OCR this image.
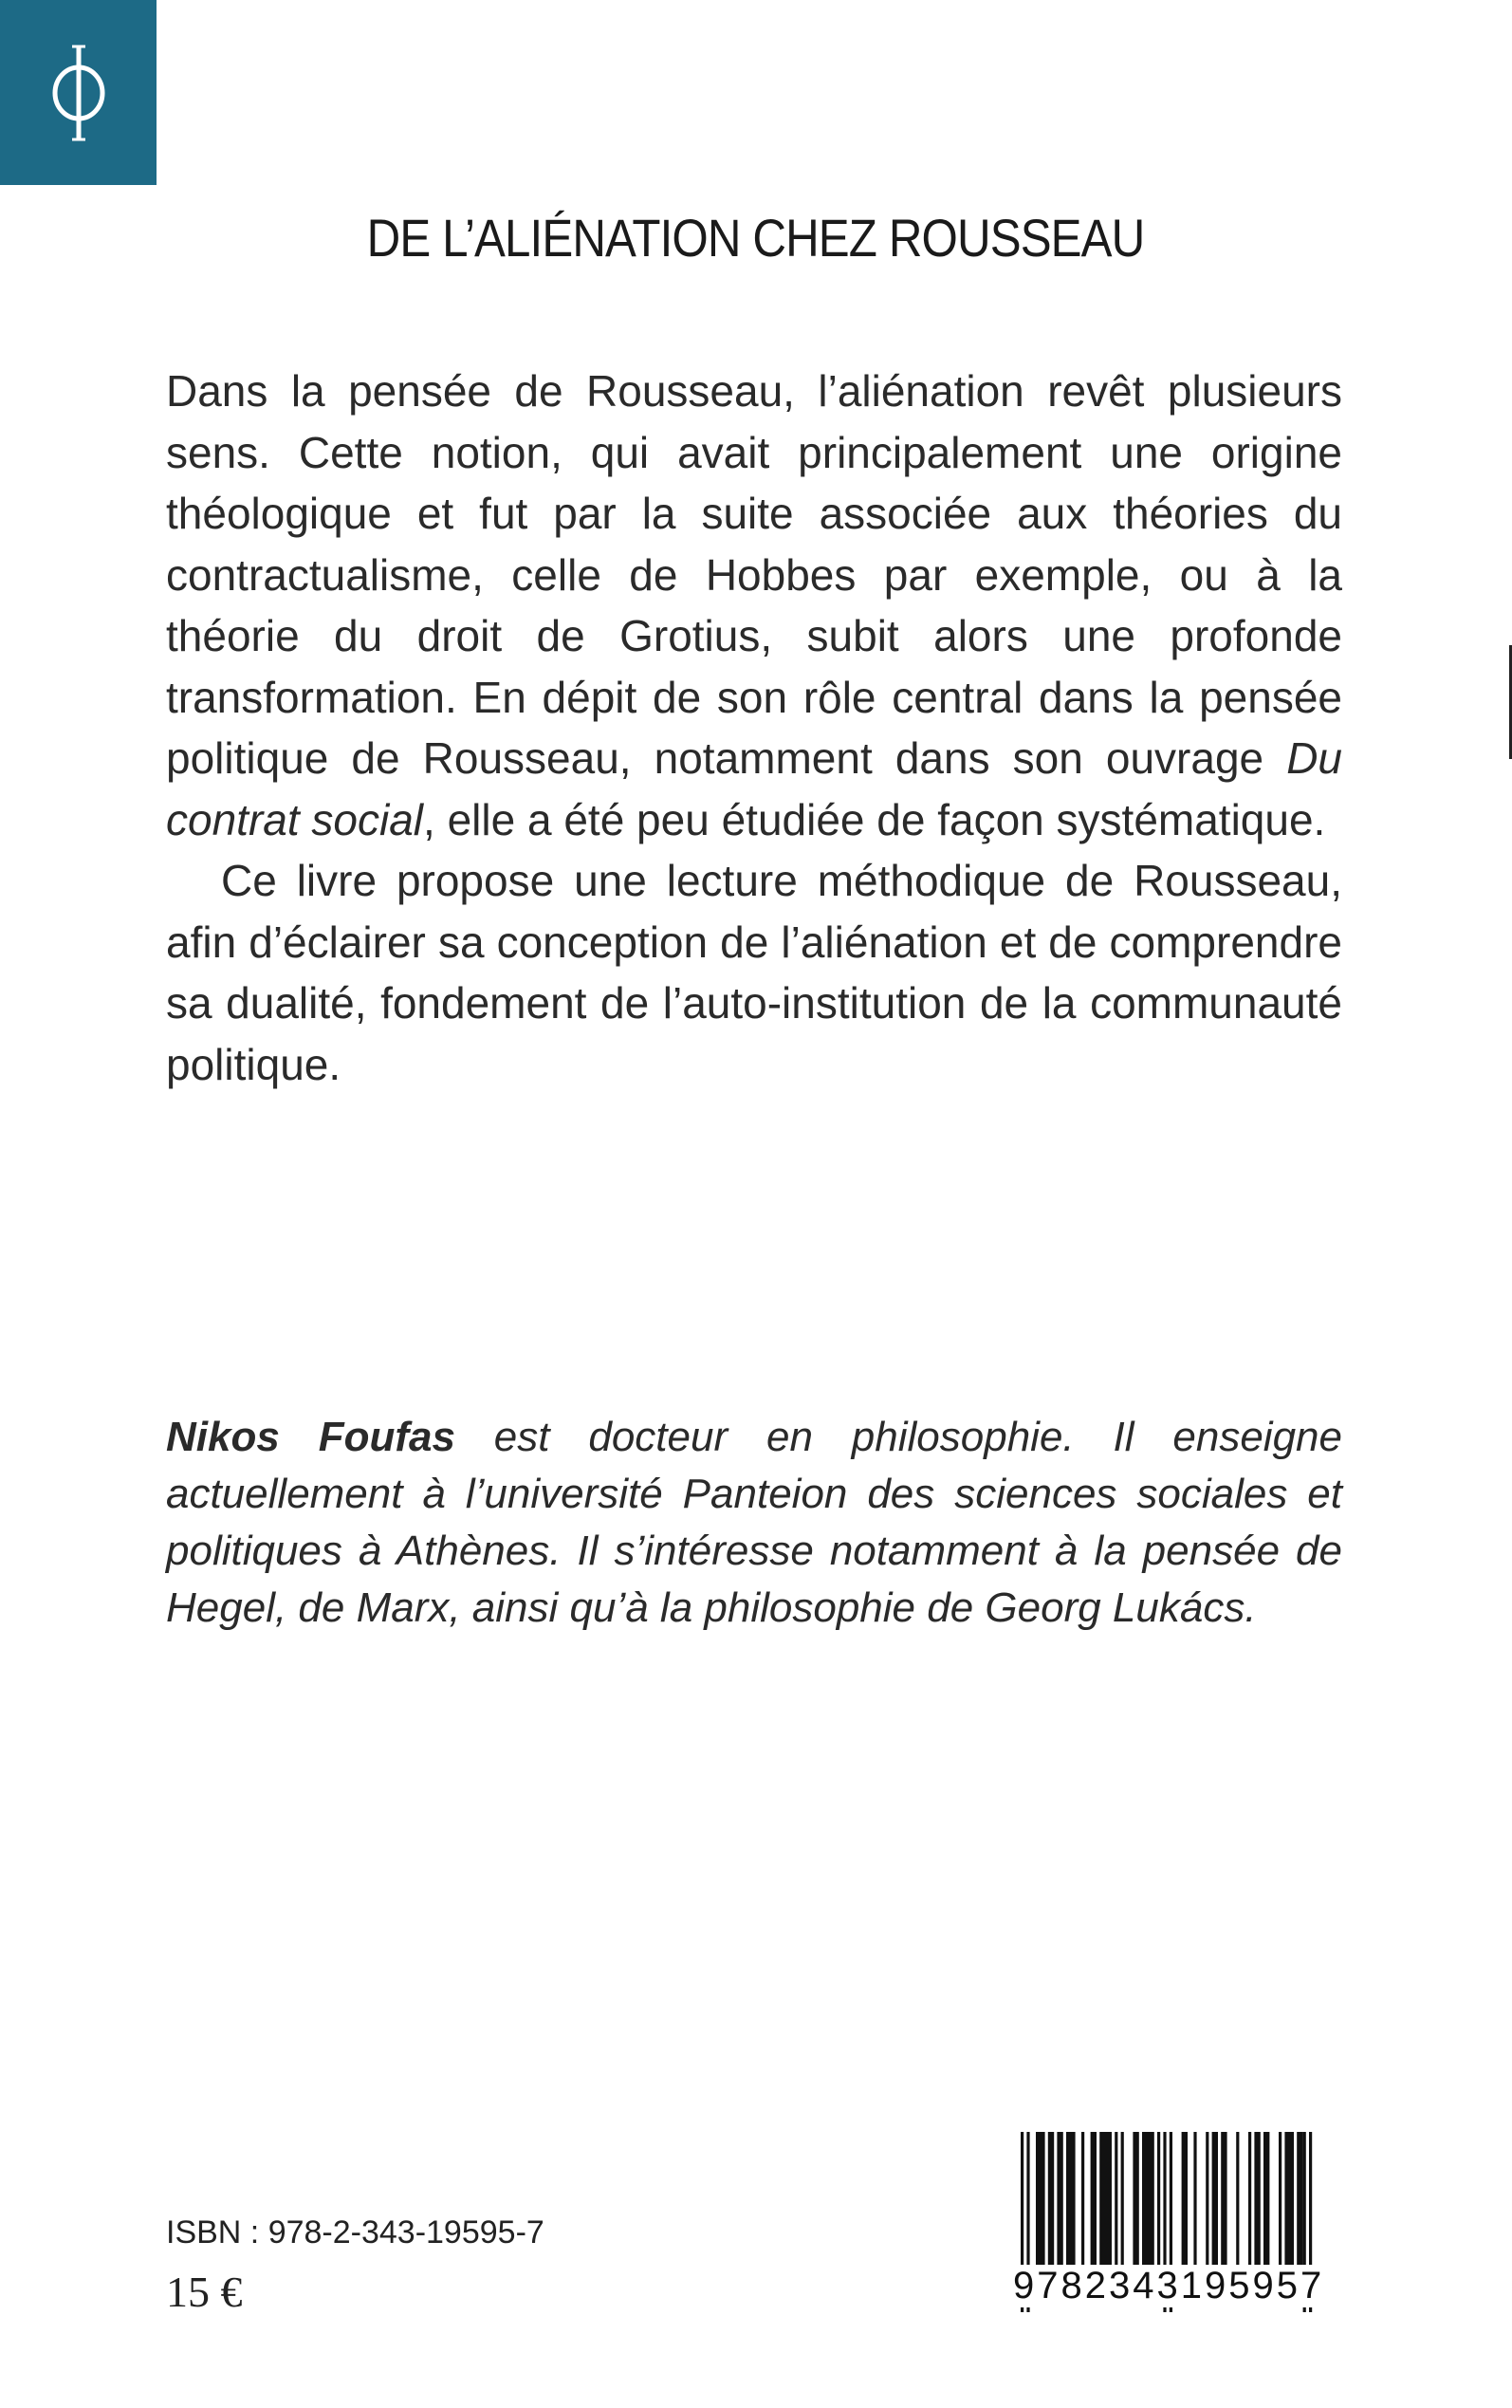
DE L’ALIÉNATION CHEZ ROUSSEAU

Dans la pensée de Rousseau, l’aliénation revêt plusieurs sens. Cette notion, qui avait principalement une origine théologique et fut par la suite associée aux théories du contractualisme, celle de Hobbes par exemple, ou à la théorie du droit de Grotius, subit alors une profonde transformation. En dépit de son rôle central dans la pensée politique de Rousseau, notamment dans son ouvrage Du contrat social, elle a été peu étudiée de façon systématique.

Ce livre propose une lecture méthodique de Rousseau, afin d’éclairer sa conception de l’aliénation et de comprendre sa dualité, fondement de l’auto-institution de la communauté politique.

Nikos Foufas est docteur en philosophie. Il enseigne actuellement à l’université Panteion des sciences sociales et politiques à Athènes. Il s’intéresse notamment à la pensée de Hegel, de Marx, ainsi qu’à la philosophie de Georg Lukács.

ISBN : 978-2-343-19595-7
15 €	9782343195957
